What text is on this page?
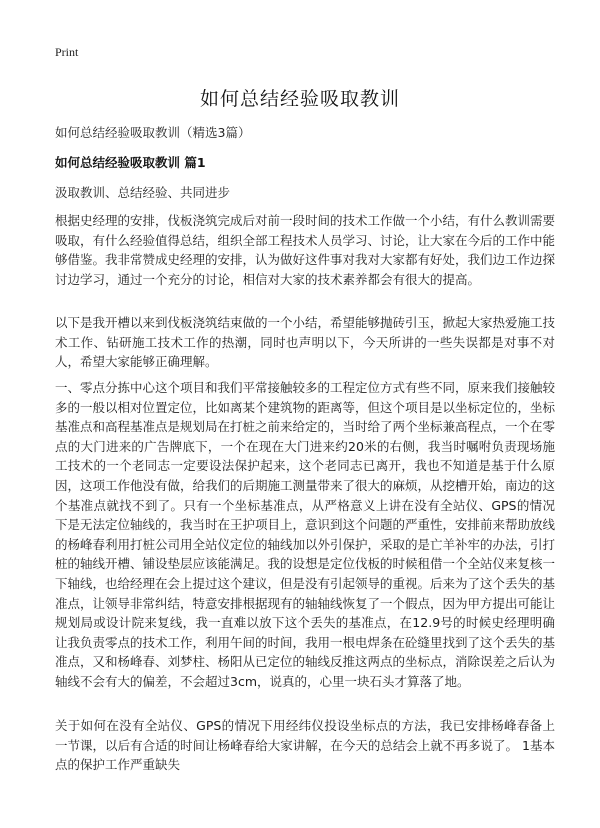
Print
如何总结经验吸取教训
如何总结经验吸取教训（精选3篇）
如何总结经验吸取教训 篇1
汲取教训、总结经验、共同进步

根据史经理的安排，伐板浇筑完成后对前一段时间的技术工作做一个小结，有什么教训需要吸取，有什么经验值得总结，组织全部工程技术人员学习、讨论，让大家在今后的工作中能够借鉴。我非常赞成史经理的安排，认为做好这件事对我对大家都有好处，我们边工作边探讨边学习，通过一个充分的讨论，相信对大家的技术素养都会有很大的提高。

以下是我开槽以来到伐板浇筑结束做的一个小结，希望能够抛砖引玉，掀起大家热爱施工技术工作、钻研施工技术工作的热潮，同时也声明以下，今天所讲的一些失误都是对事不对人，希望大家能够正确理解。

一、零点分拣中心这个项目和我们平常接触较多的工程定位方式有些不同，原来我们接触较多的一般以相对位置定位，比如离某个建筑物的距离等，但这个项目是以坐标定位的，坐标基准点和高程基准点是规划局在打桩之前来给定的，当时给了两个坐标兼高程点，一个在零点的大门进来的广告牌底下，一个在现在大门进来约20米的右侧，我当时嘱咐负责现场施工技术的一个老同志一定要设法保护起来，这个老同志已离开，我也不知道是基于什么原因，这项工作他没有做，给我们的后期施工测量带来了很大的麻烦，从挖槽开始，南边的这个基准点就找不到了。只有一个坐标基准点，从严格意义上讲在没有全站仪、GPS的情况下是无法定位轴线的，我当时在王护项目上，意识到这个问题的严重性，安排前来帮助放线的杨峰春利用打桩公司用全站仪定位的轴线加以外引保护，采取的是亡羊补牢的办法，引打桩的轴线开槽、铺设垫层应该能满足。我的设想是定位伐板的时候租借一个全站仪来复核一下轴线，也给经理在会上提过这个建议，但是没有引起领导的重视。后来为了这个丢失的基准点，让领导非常纠结，特意安排根据现有的轴轴线恢复了一个假点，因为甲方提出可能让规划局或设计院来复线，我一直难以放下这个丢失的基准点，在12.9号的时候史经理明确让我负责零点的技术工作，利用午间的时间，我用一根电焊条在砼缝里找到了这个丢失的基准点，又和杨峰春、刘梦柱、杨阳从已定位的轴线反推这两点的坐标点，消除误差之后认为轴线不会有大的偏差，不会超过3cm，说真的，心里一块石头才算落了地。

关于如何在没有全站仪、GPS的情况下用经纬仪投设坐标点的方法，我已安排杨峰春备上一节课，以后有合适的时间让杨峰春给大家讲解，在今天的总结会上就不再多说了。 1基本点的保护工作严重缺失
